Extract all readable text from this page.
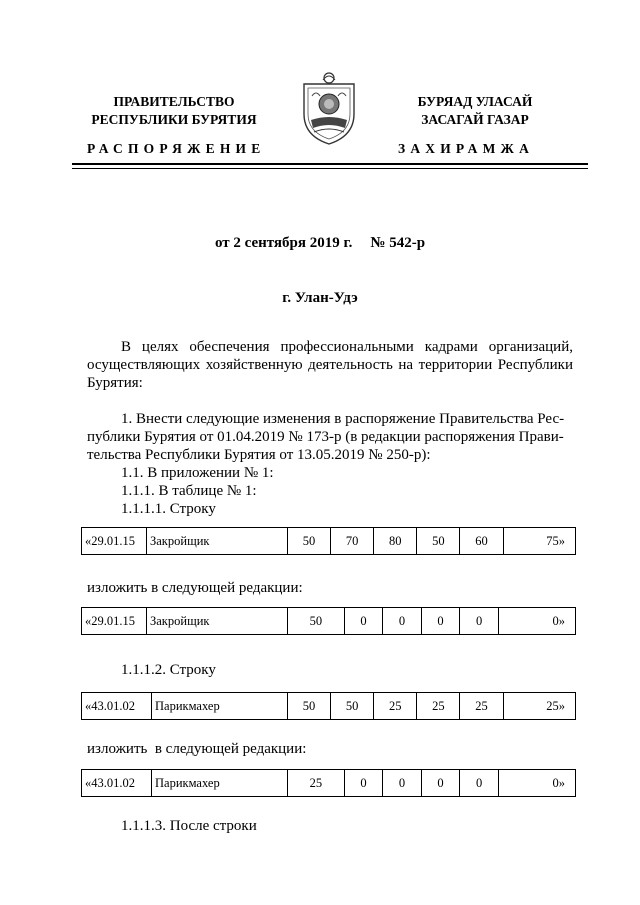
ПРАВИТЕЛЬСТВО
РЕСПУБЛИКИ БУРЯТИЯ
БУРЯАД УЛАСАЙ
ЗАСАГАЙ ГАЗАР
РАСПОРЯЖЕНИЕ	ЗАХИРАМЖА
от 2 сентября 2019 г. № 542-р
г. Улан-Удэ
В целях обеспечения профессиональными кадрами организаций, осуществляющих хозяйственную деятельность на территории Республики Бурятия:
1. Внести следующие изменения в распоряжение Правительства Рес-
публики Бурятия от 01.04.2019 № 173-р (в редакции распоряжения Прави-
тельства Республики Бурятия от 13.05.2019 № 250-р):
1.1. В приложении № 1:
1.1.1. В таблице № 1:
1.1.1.1. Строку
«29.01.15	Закройщик	50	70	80	50	60	75»
изложить в следующей редакции:
«29.01.15	Закройщик	50	0	0	0	0	0»
1.1.1.2. Строку
«43.01.02	Парикмахер	50	50	25	25	25	25»
изложить  в следующей редакции:
«43.01.02	Парикмахер	25	0	0	0	0	0»
1.1.1.3. После строки
